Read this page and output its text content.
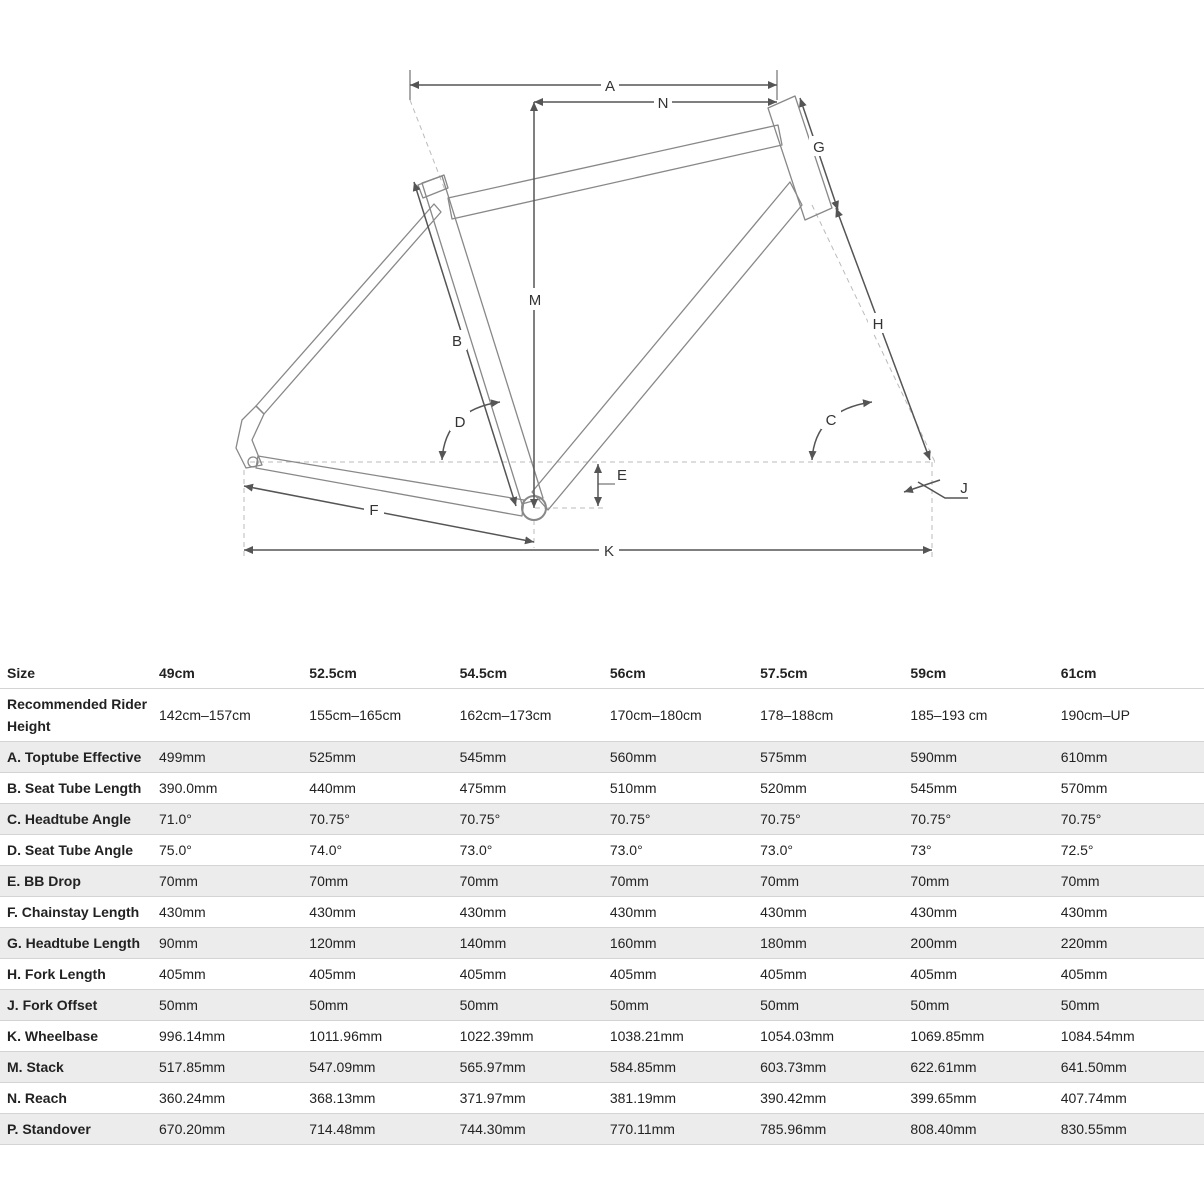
A
N
M
G
H
B
D	C
E
F
K
J
Size	49cm	52.5cm	54.5cm	56cm	57.5cm	59cm	61cm
Recommended Rider Height	142cm–157cm	155cm–165cm	162cm–173cm	170cm–180cm	178–188cm	185–193 cm	190cm–UP
A. Toptube Effective	499mm	525mm	545mm	560mm	575mm	590mm	610mm
B. Seat Tube Length	390.0mm	440mm	475mm	510mm	520mm	545mm	570mm
C. Headtube Angle	71.0°	70.75°	70.75°	70.75°	70.75°	70.75°	70.75°
D. Seat Tube Angle	75.0°	74.0°	73.0°	73.0°	73.0°	73°	72.5°
E. BB Drop	70mm	70mm	70mm	70mm	70mm	70mm	70mm
F. Chainstay Length	430mm	430mm	430mm	430mm	430mm	430mm	430mm
G. Headtube Length	90mm	120mm	140mm	160mm	180mm	200mm	220mm
H. Fork Length	405mm	405mm	405mm	405mm	405mm	405mm	405mm
J. Fork Offset	50mm	50mm	50mm	50mm	50mm	50mm	50mm
K. Wheelbase	996.14mm	1011.96mm	1022.39mm	1038.21mm	1054.03mm	1069.85mm	1084.54mm
M. Stack	517.85mm	547.09mm	565.97mm	584.85mm	603.73mm	622.61mm	641.50mm
N. Reach	360.24mm	368.13mm	371.97mm	381.19mm	390.42mm	399.65mm	407.74mm
P. Standover	670.20mm	714.48mm	744.30mm	770.11mm	785.96mm	808.40mm	830.55mm
